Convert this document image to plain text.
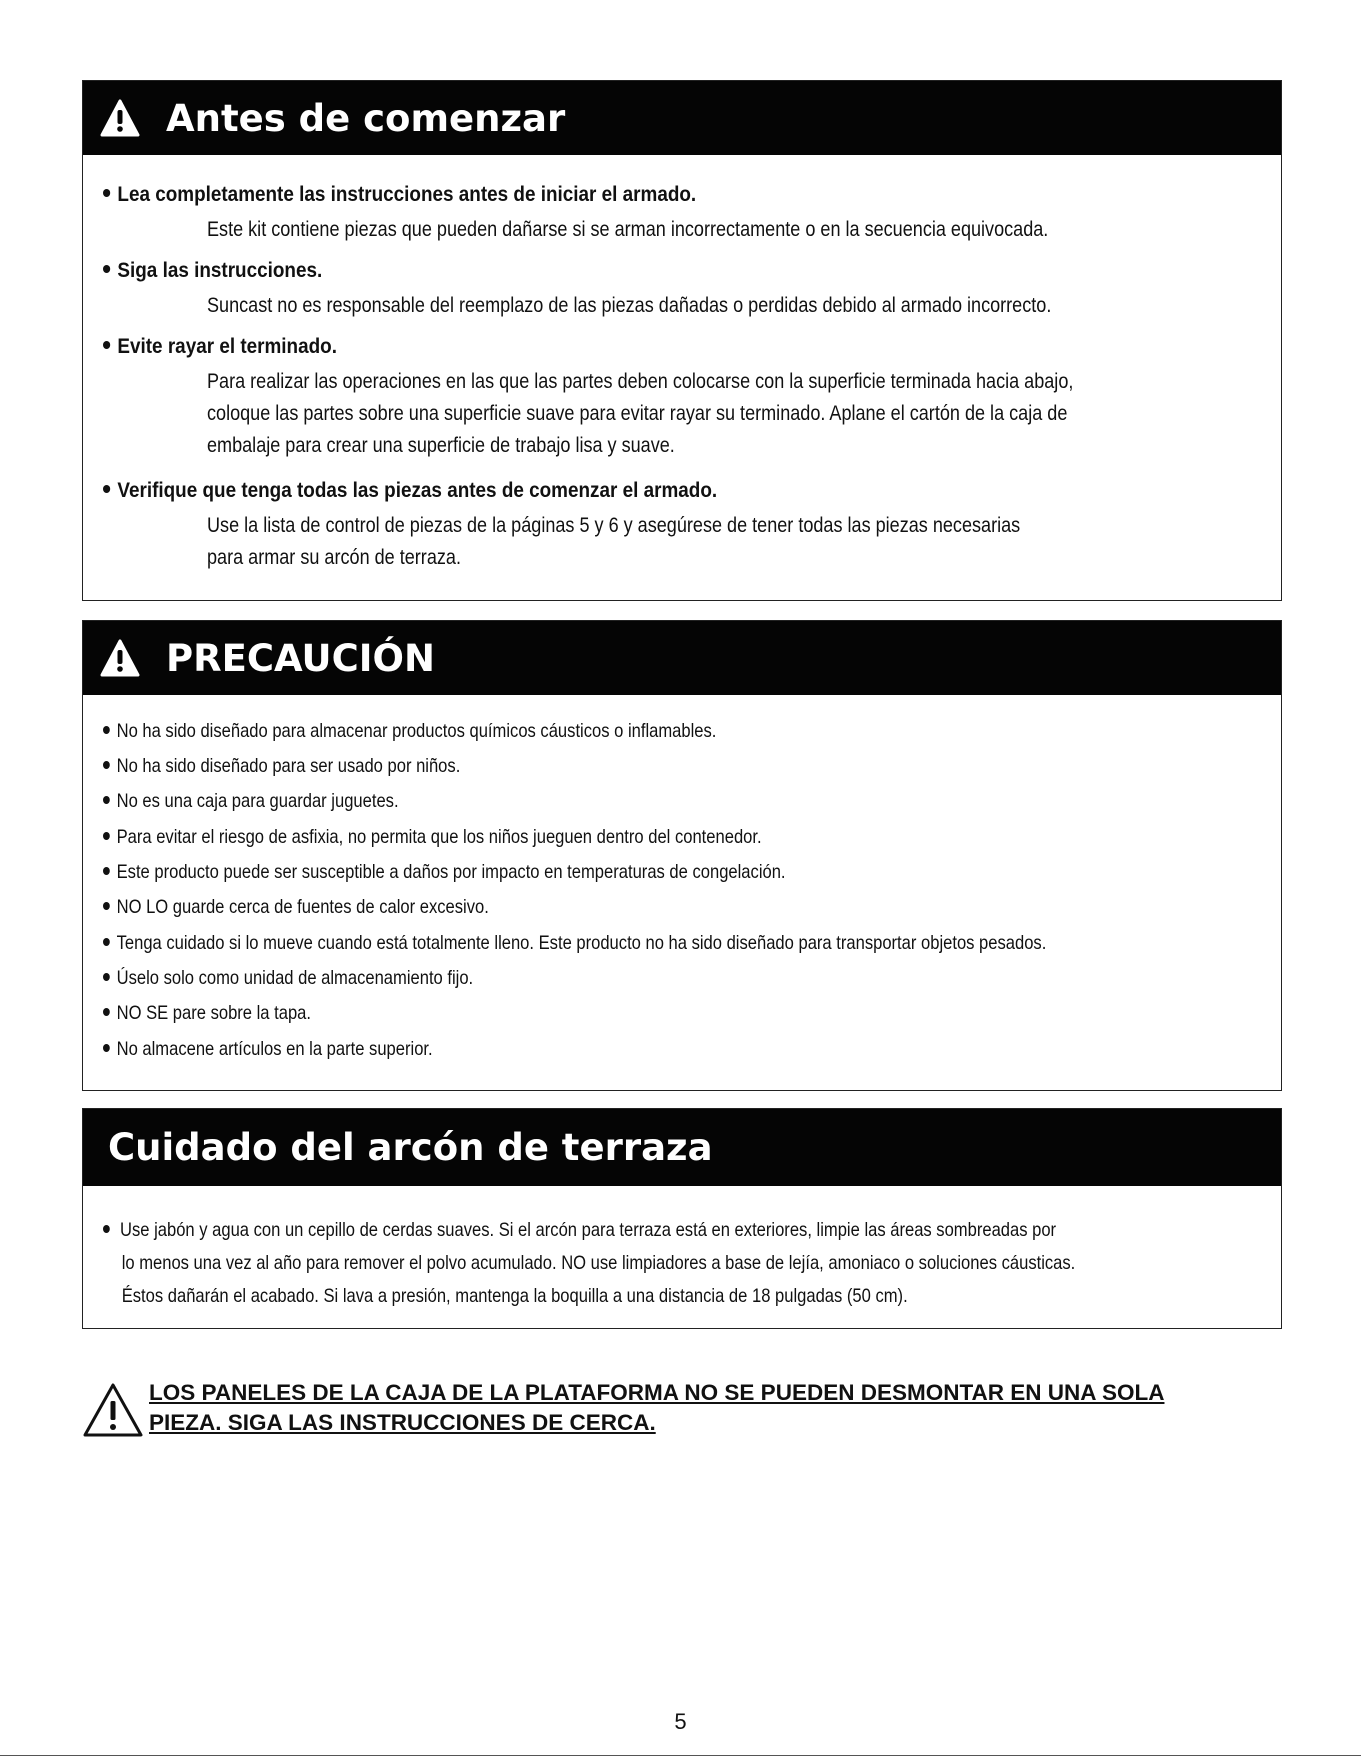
Antes de comenzar
Lea completamente las instrucciones antes de iniciar el armado.
Este kit contiene piezas que pueden dañarse si se arman incorrectamente o en la secuencia equivocada.
Siga las instrucciones.
Suncast no es responsable del reemplazo de las piezas dañadas o perdidas debido al armado incorrecto.
Evite rayar el terminado.
Para realizar las operaciones en las que las partes deben colocarse con la superficie terminada hacia abajo,
coloque las partes sobre una superficie suave para evitar rayar su terminado. Aplane el cartón de la caja de
embalaje para crear una superficie de trabajo lisa y suave.
Verifique que tenga todas las piezas antes de comenzar el armado.
Use la lista de control de piezas de la páginas 5 y 6 y asegúrese de tener todas las piezas necesarias
para armar su arcón de terraza.
PRECAUCIÓN
No ha sido diseñado para almacenar productos químicos cáusticos o inflamables.
No ha sido diseñado para ser usado por niños.
No es una caja para guardar juguetes.
Para evitar el riesgo de asfixia, no permita que los niños jueguen dentro del contenedor.
Este producto puede ser susceptible a daños por impacto en temperaturas de congelación.
NO LO guarde cerca de fuentes de calor excesivo.
Tenga cuidado si lo mueve cuando está totalmente lleno. Este producto no ha sido diseñado para transportar objetos pesados.
Úselo solo como unidad de almacenamiento fijo.
NO SE pare sobre la tapa.
No almacene artículos en la parte superior.
Cuidado del arcón de terraza
Use jabón y agua con un cepillo de cerdas suaves. Si el arcón para terraza está en exteriores, limpie las áreas sombreadas por
lo menos una vez al año para remover el polvo acumulado. NO use limpiadores a base de lejía, amoniaco o soluciones cáusticas.
Éstos dañarán el acabado. Si lava a presión, mantenga la boquilla a una distancia de 18 pulgadas (50 cm).
LOS PANELES DE LA CAJA DE LA PLATAFORMA NO SE PUEDEN DESMONTAR EN UNA SOLA
PIEZA. SIGA LAS INSTRUCCIONES DE CERCA.
5
